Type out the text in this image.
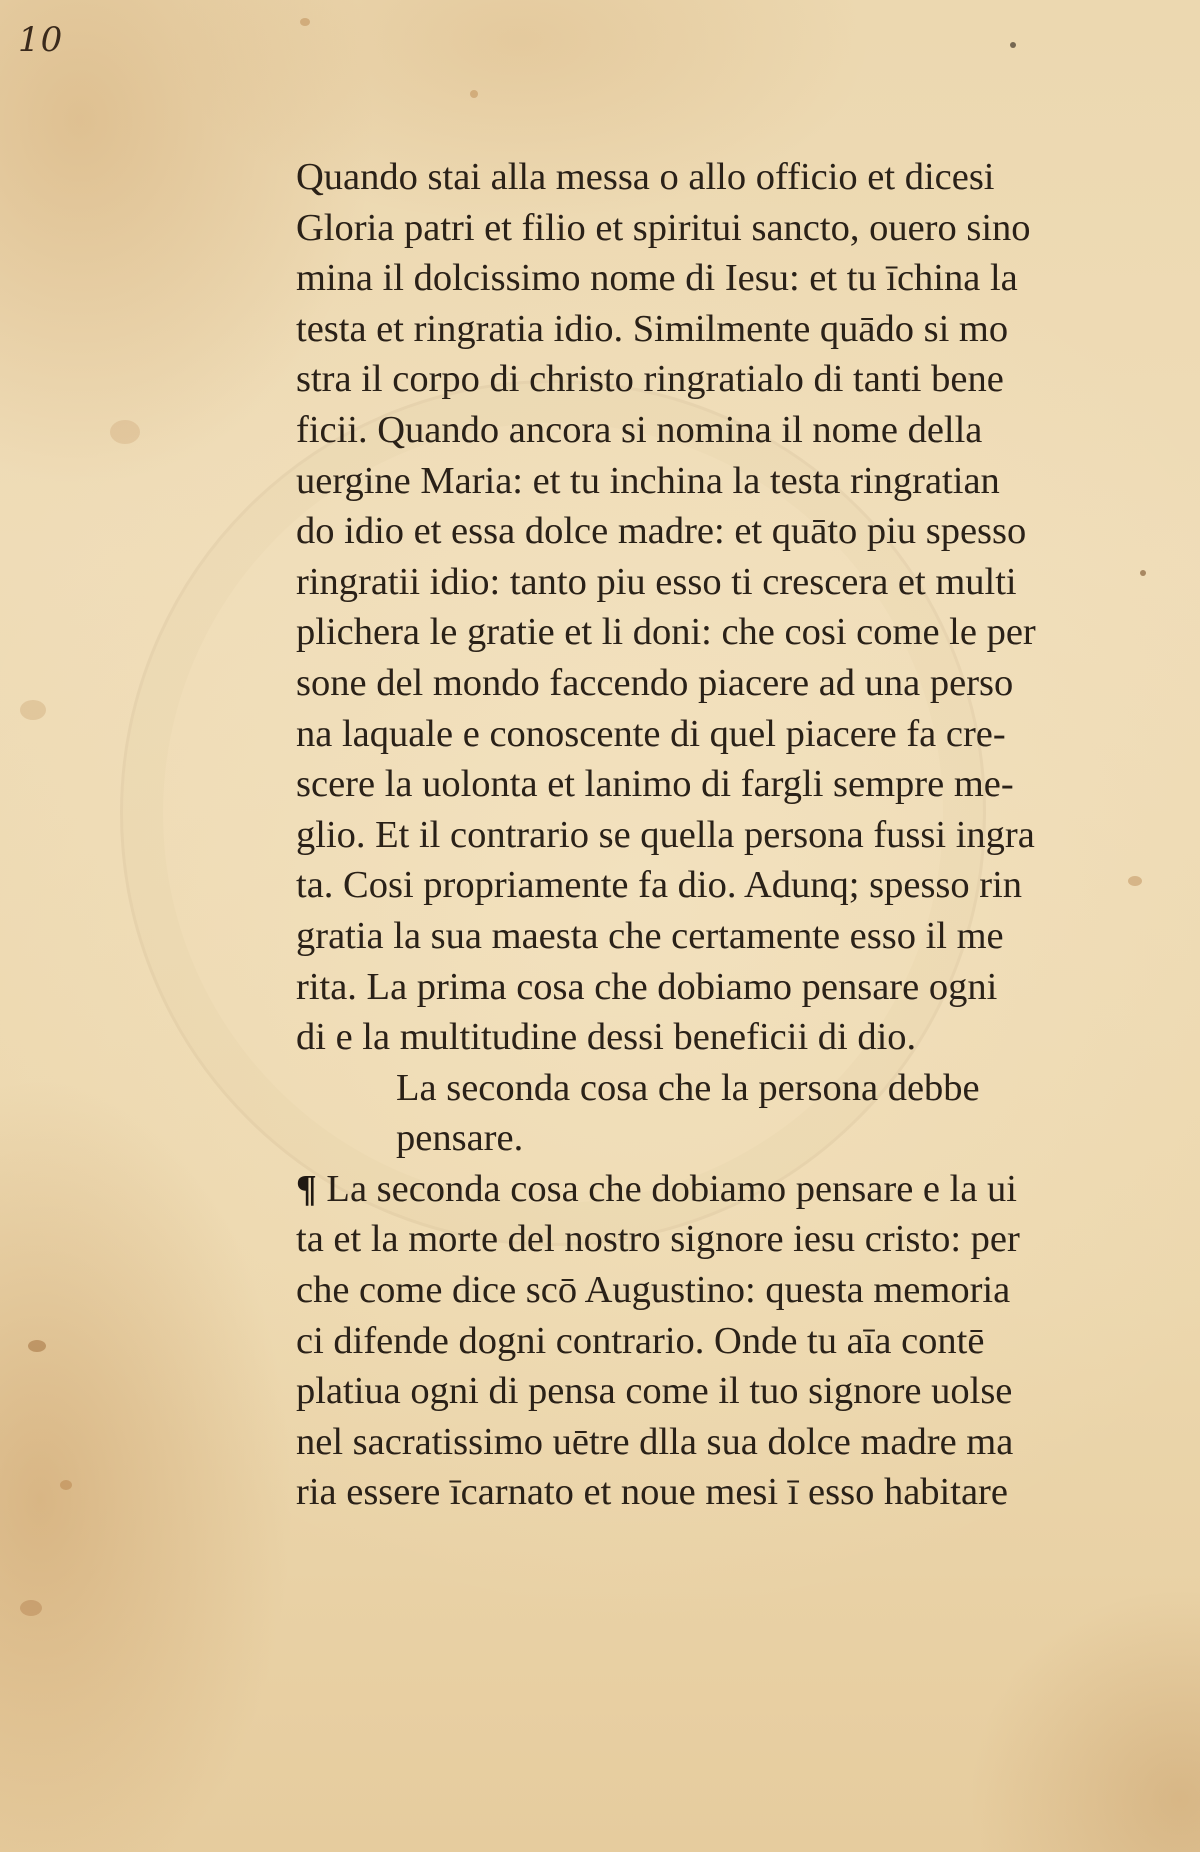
10
Quando stai alla messa o allo officio et dicesi
Gloria patri et filio et spiritui sancto, ouero sino
mina il dolcissimo nome di Iesu: et tu īchina la
testa et ringratia idio. Similmente quādo si mo
stra il corpo di christo ringratialo di tanti bene
ficii. Quando ancora si nomina il nome della
uergine Maria: et tu inchina la testa ringratian
do idio et essa dolce madre: et quāto piu spesso
ringratii idio: tanto piu esso ti crescera et multi
plichera le gratie et li doni: che cosi come le per
sone del mondo faccendo piacere ad una perso
na laquale e conoscente di quel piacere fa cre-
scere la uolonta et lanimo di fargli sempre me-
glio. Et il contrario se quella persona fussi ingra
ta. Cosi propriamente fa dio. Adunq; spesso rin
gratia la sua maesta che certamente esso il me
rita. La prima cosa che dobiamo pensare ogni
di e la multitudine dessi beneficii di dio.
La seconda cosa che la persona debbe
pensare.
¶ La seconda cosa che dobiamo pensare e la ui
ta et la morte del nostro signore iesu cristo: per
che come dice scō Augustino: questa memoria
ci difende dogni contrario. Onde tu aīa contē
platiua ogni di pensa come il tuo signore uolse
nel sacratissimo uētre dlla sua dolce madre ma
ria essere īcarnato et noue mesi ī esso habitare
